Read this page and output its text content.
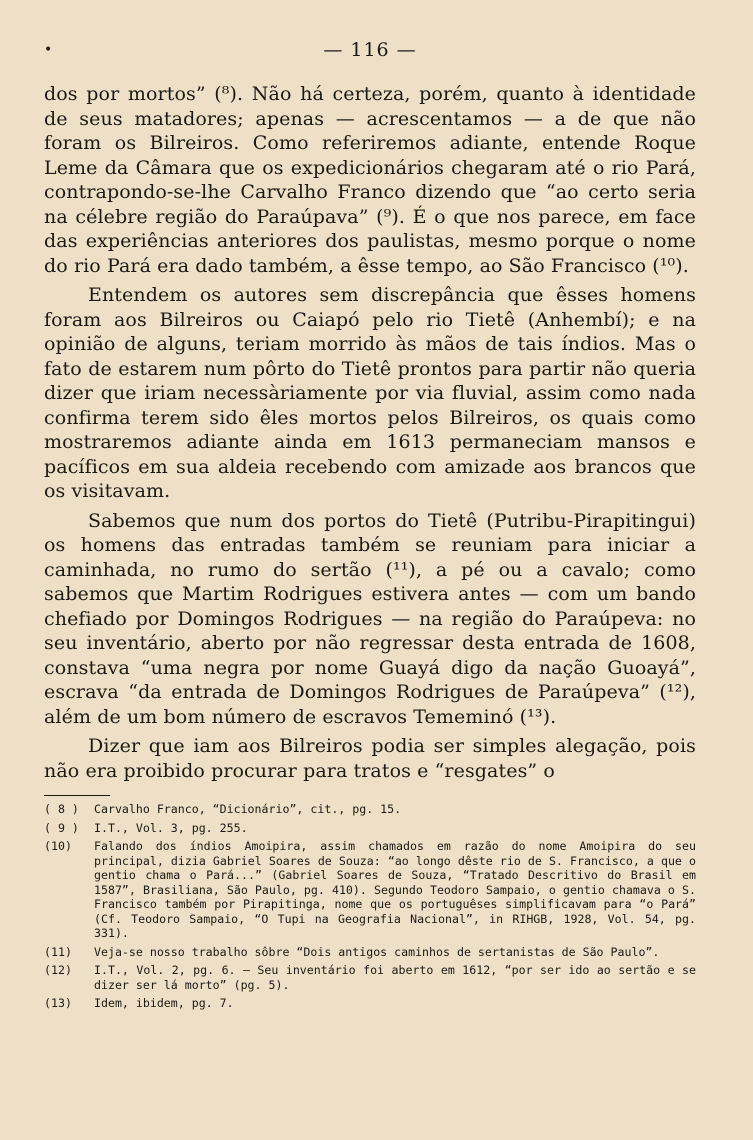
•	— 116 —

dos por mortos” (⁸). Não há certeza, porém, quanto à identidade de seus matadores; apenas — acrescentamos — a de que não foram os Bilreiros. Como referiremos adiante, entende Roque Leme da Câmara que os expedicionários chegaram até o rio Pará, contrapondo-se-lhe Carvalho Franco dizendo que “ao certo seria na célebre região do Paraúpava” (⁹). É o que nos parece, em face das experiências anteriores dos paulistas, mesmo porque o nome do rio Pará era dado também, a êsse tempo, ao São Francisco (¹⁰).

Entendem os autores sem discrepância que êsses homens foram aos Bilreiros ou Caiapó pelo rio Tietê (Anhembí); e na opinião de alguns, teriam morrido às mãos de tais índios. Mas o fato de estarem num pôrto do Tietê prontos para partir não queria dizer que iriam necessàriamente por via fluvial, assim como nada confirma terem sido êles mortos pelos Bilreiros, os quais como mostraremos adiante ainda em 1613 permaneciam mansos e pacíficos em sua aldeia recebendo com amizade aos brancos que os visitavam.

Sabemos que num dos portos do Tietê (Putribu-Pirapitingui) os homens das entradas também se reuniam para iniciar a caminhada, no rumo do sertão (¹¹), a pé ou a cavalo; como sabemos que Martim Rodrigues estivera antes — com um bando chefiado por Domingos Rodrigues — na região do Paraúpeva: no seu inventário, aberto por não regressar desta entrada de 1608, constava “uma negra por nome Guayá digo da nação Guoayá”, escrava “da entrada de Domingos Rodrigues de Paraúpeva” (¹²), além de um bom número de escravos Tememinó (¹³).

Dizer que iam aos Bilreiros podia ser simples alegação, pois não era proibido procurar para tratos e “resgates” o

( 8 )	Carvalho Franco, “Dicionário”, cit., pg. 15.
( 9 )	I.T., Vol. 3, pg. 255.
(10)	Falando dos índios Amoipira, assim chamados em razão do nome Amoipira do seu principal, dizia Gabriel Soares de Souza: “ao longo dêste rio de S. Francisco, a que o gentio chama o Pará...” (Gabriel Soares de Souza, “Tratado Descritivo do Brasil em 1587”, Brasiliana, São Paulo, pg. 410). Segundo Teodoro Sampaio, o gentio chamava o S. Francisco também por Pirapitinga, nome que os portuguêses simplificavam para “o Pará” (Cf. Teodoro Sampaio, “O Tupi na Geografia Nacional”, in RIHGB, 1928, Vol. 54, pg. 331).
(11)	Veja-se nosso trabalho sôbre “Dois antigos caminhos de sertanistas de São Paulo”.
(12)	I.T., Vol. 2, pg. 6. — Seu inventário foi aberto em 1612, “por ser ido ao sertão e se dizer ser lá morto” (pg. 5).
(13)	Idem, ibidem, pg. 7.
